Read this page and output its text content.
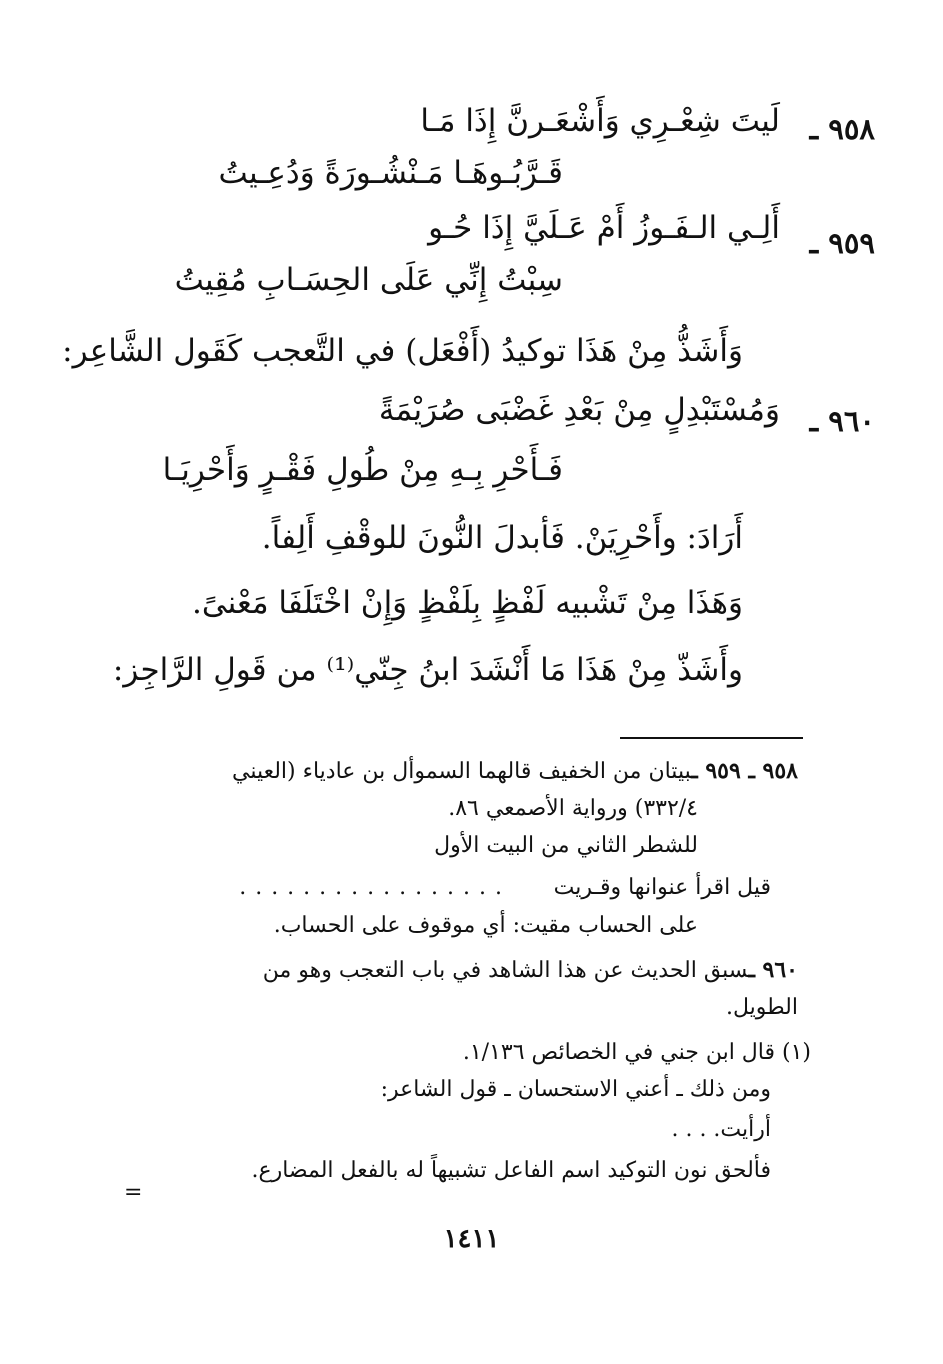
٩٥٨ ـ
لَيتَ شِعْـرِي وَأَشْعَـرنَّ إِذَا مَـا
قَـرَّبُـوهَـا مَـنْشُـورَةً وَدُعِـيتُ
٩٥٩ ـ
أَلِـي الـفَـوزُ أَمْ عَـلَيَّ إِذَا حُـو
سِبْتُ إِنِّي عَلَى الحِسَـابِ مُقِيتُ
وَأَشَذُّ مِنْ هَذَا توكيدُ (أَفْعَل) في التَّعجب كَقَول الشَّاعِر:
٩٦٠ ـ
وَمُسْتَبْدِلٍ مِنْ بَعْدِ غَضْبَى صُرَيْمَةً
فَـأَحْرِ بِـهِ مِنْ طُولِ فَقْـرٍ وَأَحْرِيَـا
أَرَادَ: وأَحْرِيَنْ. فَأبدلَ النُّونَ للوقْفِ أَلِفاً.
وَهَذَا مِنْ تَشْبيه لَفْظٍ بِلَفْظٍ وَإِنْ اخْتَلَفَا مَعْنىً.
وأَشَذّ مِنْ هَذَا مَا أَنْشَدَ ابنُ جِنّي⁽¹⁾ من قَولِ الرَّاجِز:
٩٥٨ ـ ٩٥٩ ـبيتان من الخفيف قالهما السموأل بن عادياء (العيني
٣٣٢/٤) ورواية الأصمعي ٨٦.
للشطر الثاني من البيت الأول
قيل اقرأ عنوانها وقـريت
. . . . . . . . . . . . . . . . .
على الحساب مقيت: أي موقوف على الحساب.
٩٦٠ ـسبق الحديث عن هذا الشاهد في باب التعجب وهو من
الطويل.
(١) قال ابن جني في الخصائص ١/١٣٦.
ومن ذلك ـ أعني الاستحسان ـ قول الشاعر:
أرأيت. . . .
فألحق نون التوكيد اسم الفاعل تشبيهاً له بالفعل المضارع.
=
١٤١١
